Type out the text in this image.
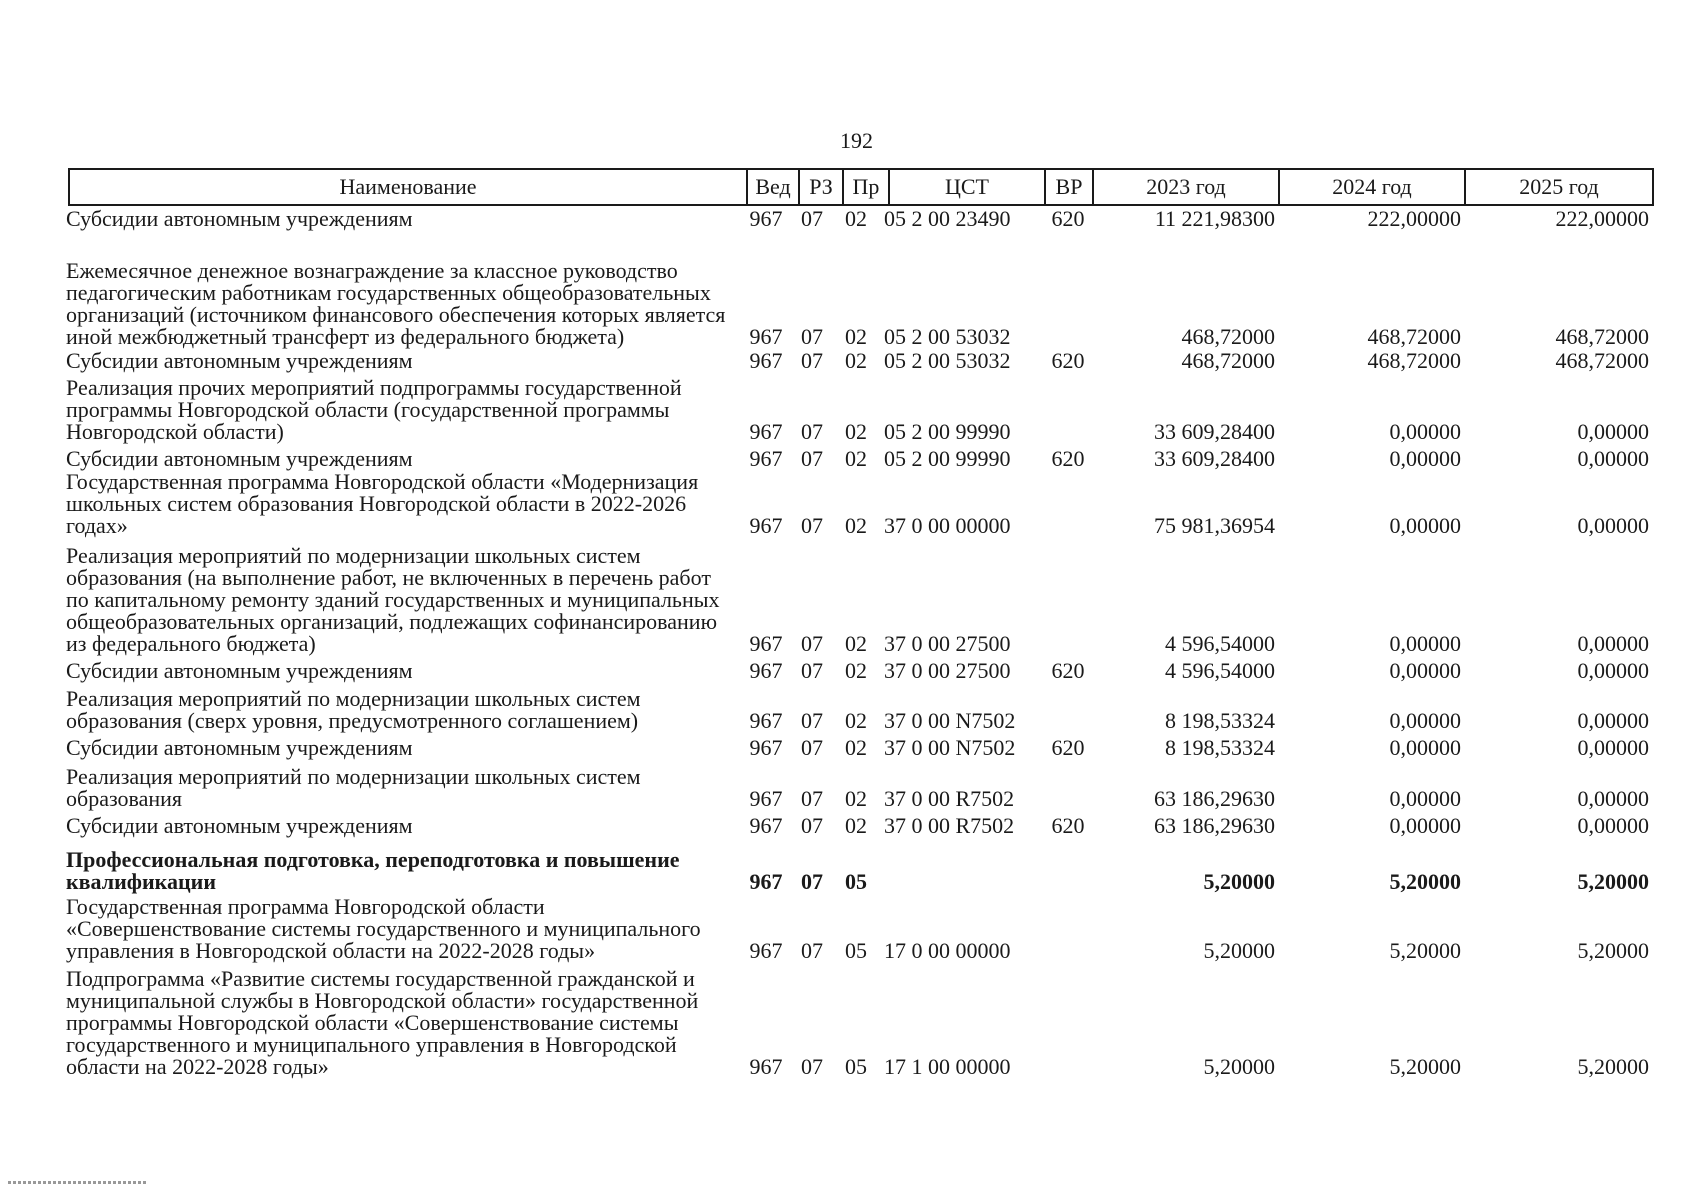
192
Наименование	Вед РЗ Пр	ЦСТ	ВР	2023 год	2024 год	2025 год
Субсидии автономным учреждениям	967 07 02 05 2 00 23490	620	11 221,98300	222,00000	222,00000
Ежемесячное денежное вознаграждение за классное руководство педагогическим работникам государственных общеобразовательных организаций (источником финансового обеспечения которых является иной межбюджетный трансферт из федерального бюджета)	967 07 02 05 2 00 53032	468,72000	468,72000	468,72000
Субсидии автономным учреждениям	967 07 02 05 2 00 53032	620	468,72000	468,72000	468,72000
Реализация прочих мероприятий подпрограммы государственной программы Новгородской области (государственной программы Новгородской области)	967 07 02 05 2 00 99990	33 609,28400	0,00000	0,00000
Субсидии автономным учреждениям	967 07 02 05 2 00 99990	620	33 609,28400	0,00000	0,00000
Государственная программа Новгородской области «Модернизация школьных систем образования Новгородской области в 2022-2026 годах»	967 07 02 37 0 00 00000	75 981,36954	0,00000	0,00000
Реализация мероприятий по модернизации школьных систем образования (на выполнение работ, не включенных в перечень работ по капитальному ремонту зданий государственных и муниципальных общеобразовательных организаций, подлежащих софинансированию из федерального бюджета)	967 07 02 37 0 00 27500	4 596,54000	0,00000	0,00000
Субсидии автономным учреждениям	967 07 02 37 0 00 27500	620	4 596,54000	0,00000	0,00000
Реализация мероприятий по модернизации школьных систем образования (сверх уровня, предусмотренного соглашением)	967 07 02 37 0 00 N7502	8 198,53324	0,00000	0,00000
Субсидии автономным учреждениям	967 07 02 37 0 00 N7502	620	8 198,53324	0,00000	0,00000
Реализация мероприятий по модернизации школьных систем образования	967 07 02 37 0 00 R7502	63 186,29630	0,00000	0,00000
Субсидии автономным учреждениям	967 07 02 37 0 00 R7502	620	63 186,29630	0,00000	0,00000
Профессиональная подготовка, переподготовка и повышение квалификации	967 07 05	5,20000	5,20000	5,20000
Государственная программа Новгородской области «Совершенствование системы государственного и муниципального управления в Новгородской области на 2022-2028 годы»	967 07 05 17 0 00 00000	5,20000	5,20000	5,20000
Подпрограмма «Развитие системы государственной гражданской и муниципальной службы в Новгородской области» государственной программы Новгородской области «Совершенствование системы государственного и муниципального управления в Новгородской области на 2022-2028 годы»	967 07 05 17 1 00 00000	5,20000	5,20000	5,20000
